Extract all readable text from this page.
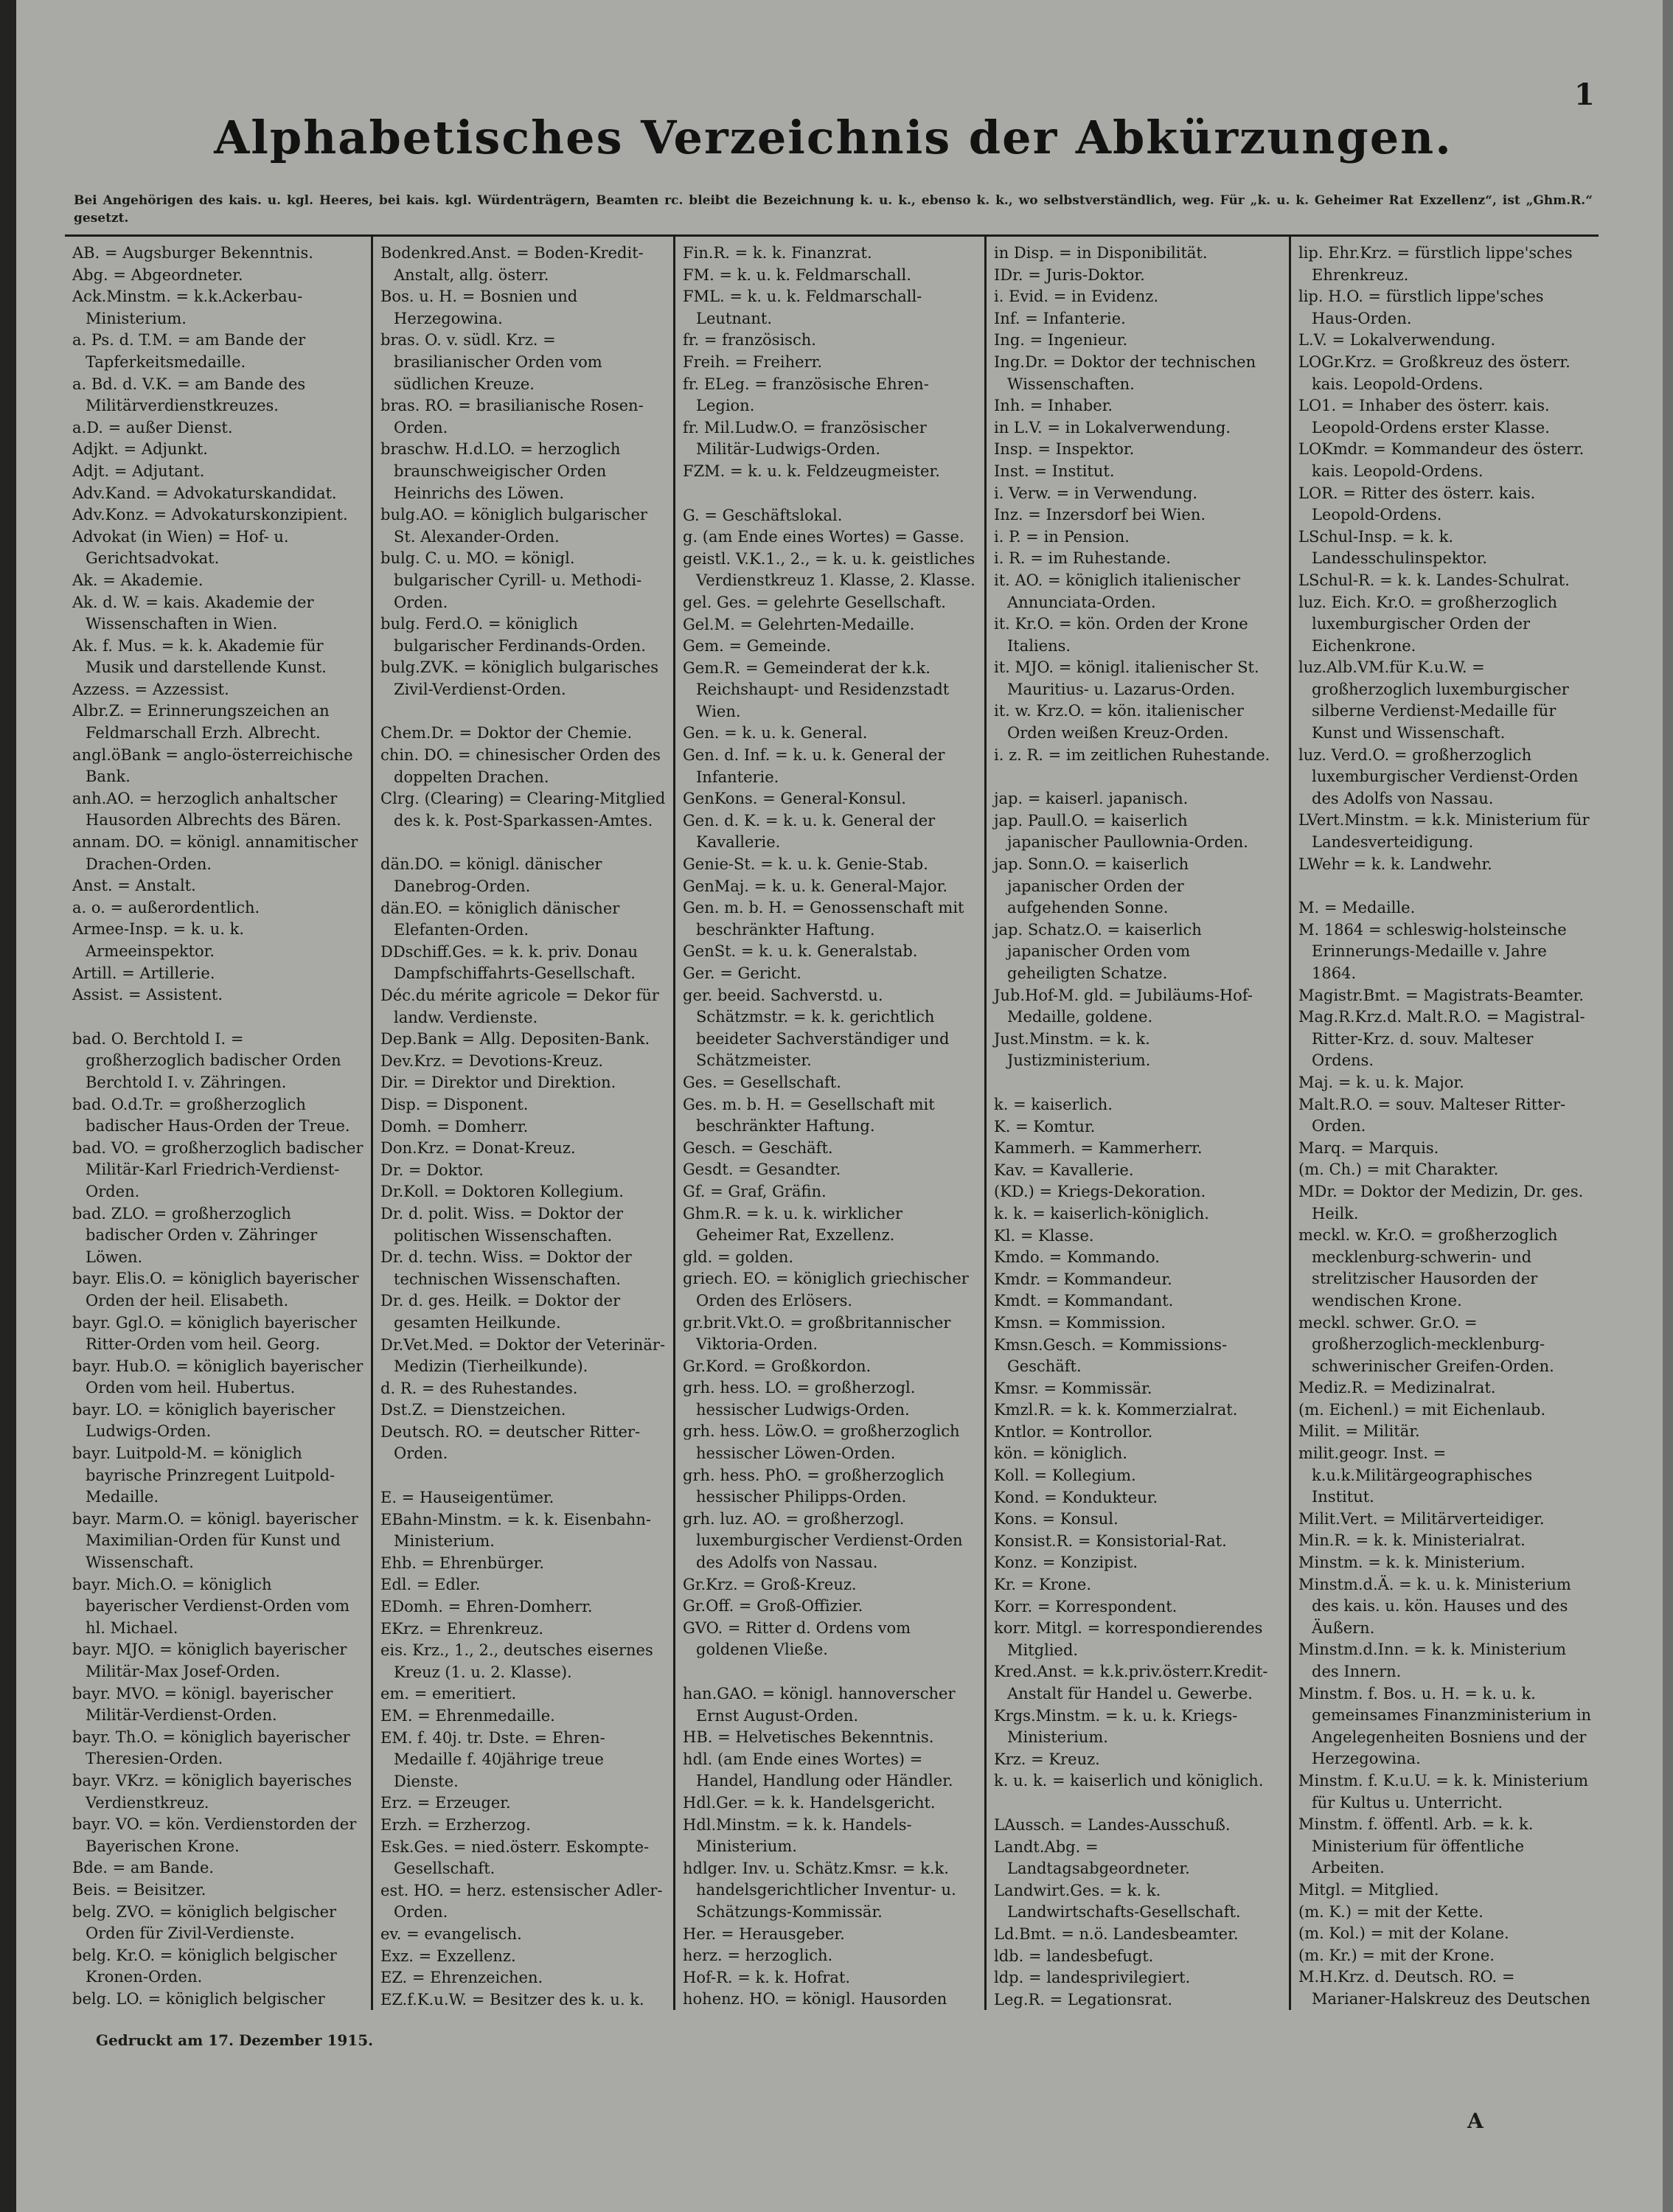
1
Alphabetisches Verzeichnis der Abkürzungen.
Bei Angehörigen des kais. u. kgl. Heeres, bei kais. kgl. Würdenträgern, Beamten rc. bleibt die Bezeichnung k. u. k., ebenso k. k., wo selbstverständlich, weg. Für „k. u. k. Geheimer Rat Exzellenz“, ist „Ghm.R.“ gesetzt.
AB. = Augsburger Bekenntnis.
Abg. = Abgeordneter.
Ack.Minstm. = k.k.Ackerbau-Ministerium.
a. Ps. d. T.M. = am Bande der Tapferkeitsmedaille.
a. Bd. d. V.K. = am Bande des Militärverdienstkreuzes.
a.D. = außer Dienst.
Adjkt. = Adjunkt.
Adjt. = Adjutant.
Adv.Kand. = Advokaturskandidat.
Adv.Konz. = Advokaturskonzipient.
Advokat (in Wien) = Hof- u. Gerichtsadvokat.
Ak. = Akademie.
Ak. d. W. = kais. Akademie der Wissenschaften in Wien.
Ak. f. Mus. = k. k. Akademie für Musik und darstellende Kunst.
Azzess. = Azzessist.
Albr.Z. = Erinnerungszeichen an Feldmarschall Erzh. Albrecht.
angl.öBank = anglo-österreichische Bank.
anh.AO. = herzoglich anhaltscher Hausorden Albrechts des Bären.
annam. DO. = königl. annamitischer Drachen-Orden.
Anst. = Anstalt.
a. o. = außerordentlich.
Armee-Insp. = k. u. k. Armeeinspektor.
Artill. = Artillerie.
Assist. = Assistent.
bad. O. Berchtold I. = großherzoglich badischer Orden Berchtold I. v. Zähringen.
bad. O.d.Tr. = großherzoglich badischer Haus-Orden der Treue.
bad. VO. = großherzoglich badischer Militär-Karl Friedrich-Verdienst-Orden.
bad. ZLO. = großherzoglich badischer Orden v. Zähringer Löwen.
bayr. Elis.O. = königlich bayerischer Orden der heil. Elisabeth.
bayr. Ggl.O. = königlich bayerischer Ritter-Orden vom heil. Georg.
bayr. Hub.O. = königlich bayerischer Orden vom heil. Hubertus.
bayr. LO. = königlich bayerischer Ludwigs-Orden.
bayr. Luitpold-M. = königlich bayrische Prinzregent Luitpold-Medaille.
bayr. Marm.O. = königl. bayerischer Maximilian-Orden für Kunst und Wissenschaft.
bayr. Mich.O. = königlich bayerischer Verdienst-Orden vom hl. Michael.
bayr. MJO. = königlich bayerischer Militär-Max Josef-Orden.
bayr. MVO. = königl. bayerischer Militär-Verdienst-Orden.
bayr. Th.O. = königlich bayerischer Theresien-Orden.
bayr. VKrz. = königlich bayerisches Verdienstkreuz.
bayr. VO. = kön. Verdienstorden der Bayerischen Krone.
Bde. = am Bande.
Beis. = Beisitzer.
belg. ZVO. = königlich belgischer Orden für Zivil-Verdienste.
belg. Kr.O. = königlich belgischer Kronen-Orden.
belg. LO. = königlich belgischer
Bodenkred.Anst. = Boden-Kredit-Anstalt, allg. österr.
Bos. u. H. = Bosnien und Herzegowina.
bras. O. v. südl. Krz. = brasilianischer Orden vom südlichen Kreuze.
bras. RO. = brasilianische Rosen-Orden.
braschw. H.d.LO. = herzoglich braunschweigischer Orden Heinrichs des Löwen.
bulg.AO. = königlich bulgarischer St. Alexander-Orden.
bulg. C. u. MO. = königl. bulgarischer Cyrill- u. Methodi-Orden.
bulg. Ferd.O. = königlich bulgarischer Ferdinands-Orden.
bulg.ZVK. = königlich bulgarisches Zivil-Verdienst-Orden.
Chem.Dr. = Doktor der Chemie.
chin. DO. = chinesischer Orden des doppelten Drachen.
Clrg. (Clearing) = Clearing-Mitglied des k. k. Post-Sparkassen-Amtes.
dän.DO. = königl. dänischer Danebrog-Orden.
dän.EO. = königlich dänischer Elefanten-Orden.
DDschiff.Ges. = k. k. priv. Donau Dampfschiffahrts-Gesellschaft.
Déc.du mérite agricole = Dekor für landw. Verdienste.
Dep.Bank = Allg. Depositen-Bank.
Dev.Krz. = Devotions-Kreuz.
Dir. = Direktor und Direktion.
Disp. = Disponent.
Domh. = Domherr.
Don.Krz. = Donat-Kreuz.
Dr. = Doktor.
Dr.Koll. = Doktoren Kollegium.
Dr. d. polit. Wiss. = Doktor der politischen Wissenschaften.
Dr. d. techn. Wiss. = Doktor der technischen Wissenschaften.
Dr. d. ges. Heilk. = Doktor der gesamten Heilkunde.
Dr.Vet.Med. = Doktor der Veterinär-Medizin (Tierheilkunde).
d. R. = des Ruhestandes.
Dst.Z. = Dienstzeichen.
Deutsch. RO. = deutscher Ritter-Orden.
E. = Hauseigentümer.
EBahn-Minstm. = k. k. Eisenbahn-Ministerium.
Ehb. = Ehrenbürger.
Edl. = Edler.
EDomh. = Ehren-Domherr.
EKrz. = Ehrenkreuz.
eis. Krz., 1., 2., deutsches eisernes Kreuz (1. u. 2. Klasse).
em. = emeritiert.
EM. = Ehrenmedaille.
EM. f. 40j. tr. Dste. = Ehren-Medaille f. 40jährige treue Dienste.
Erz. = Erzeuger.
Erzh. = Erzherzog.
Esk.Ges. = nied.österr. Eskompte-Gesellschaft.
est. HO. = herz. estensischer Adler-Orden.
ev. = evangelisch.
Exz. = Exzellenz.
EZ. = Ehrenzeichen.
EZ.f.K.u.W. = Besitzer des k. u. k.
Fin.R. = k. k. Finanzrat.
FM. = k. u. k. Feldmarschall.
FML. = k. u. k. Feldmarschall-Leutnant.
fr. = französisch.
Freih. = Freiherr.
fr. ELeg. = französische Ehren-Legion.
fr. Mil.Ludw.O. = französischer Militär-Ludwigs-Orden.
FZM. = k. u. k. Feldzeugmeister.
G. = Geschäftslokal.
g. (am Ende eines Wortes) = Gasse.
geistl. V.K.1., 2., = k. u. k. geistliches Verdienstkreuz 1. Klasse, 2. Klasse.
gel. Ges. = gelehrte Gesellschaft.
Gel.M. = Gelehrten-Medaille.
Gem. = Gemeinde.
Gem.R. = Gemeinderat der k.k. Reichshaupt- und Residenzstadt Wien.
Gen. = k. u. k. General.
Gen. d. Inf. = k. u. k. General der Infanterie.
GenKons. = General-Konsul.
Gen. d. K. = k. u. k. General der Kavallerie.
Genie-St. = k. u. k. Genie-Stab.
GenMaj. = k. u. k. General-Major.
Gen. m. b. H. = Genossenschaft mit beschränkter Haftung.
GenSt. = k. u. k. Generalstab.
Ger. = Gericht.
ger. beeid. Sachverstd. u. Schätzmstr. = k. k. gerichtlich beeideter Sachverständiger und Schätzmeister.
Ges. = Gesellschaft.
Ges. m. b. H. = Gesellschaft mit beschränkter Haftung.
Gesch. = Geschäft.
Gesdt. = Gesandter.
Gf. = Graf, Gräfin.
Ghm.R. = k. u. k. wirklicher Geheimer Rat, Exzellenz.
gld. = golden.
griech. EO. = königlich griechischer Orden des Erlösers.
gr.brit.Vkt.O. = großbritannischer Viktoria-Orden.
Gr.Kord. = Großkordon.
grh. hess. LO. = großherzogl. hessischer Ludwigs-Orden.
grh. hess. Löw.O. = großherzoglich hessischer Löwen-Orden.
grh. hess. PhO. = großherzoglich hessischer Philipps-Orden.
grh. luz. AO. = großherzogl. luxemburgischer Verdienst-Orden des Adolfs von Nassau.
Gr.Krz. = Groß-Kreuz.
Gr.Off. = Groß-Offizier.
GVO. = Ritter d. Ordens vom goldenen Vließe.
han.GAO. = königl. hannoverscher Ernst August-Orden.
HB. = Helvetisches Bekenntnis.
hdl. (am Ende eines Wortes) = Handel, Handlung oder Händler.
Hdl.Ger. = k. k. Handelsgericht.
Hdl.Minstm. = k. k. Handels-Ministerium.
hdlger. Inv. u. Schätz.Kmsr. = k.k. handelsgerichtlicher Inventur- u. Schätzungs-Kommissär.
Her. = Herausgeber.
herz. = herzoglich.
Hof-R. = k. k. Hofrat.
hohenz. HO. = königl. Hausorden
in Disp. = in Disponibilität.
IDr. = Juris-Doktor.
i. Evid. = in Evidenz.
Inf. = Infanterie.
Ing. = Ingenieur.
Ing.Dr. = Doktor der technischen Wissenschaften.
Inh. = Inhaber.
in L.V. = in Lokalverwendung.
Insp. = Inspektor.
Inst. = Institut.
i. Verw. = in Verwendung.
Inz. = Inzersdorf bei Wien.
i. P. = in Pension.
i. R. = im Ruhestande.
it. AO. = königlich italienischer Annunciata-Orden.
it. Kr.O. = kön. Orden der Krone Italiens.
it. MJO. = königl. italienischer St. Mauritius- u. Lazarus-Orden.
it. w. Krz.O. = kön. italienischer Orden weißen Kreuz-Orden.
i. z. R. = im zeitlichen Ruhestande.
jap. = kaiserl. japanisch.
jap. Paull.O. = kaiserlich japanischer Paullownia-Orden.
jap. Sonn.O. = kaiserlich japanischer Orden der aufgehenden Sonne.
jap. Schatz.O. = kaiserlich japanischer Orden vom geheiligten Schatze.
Jub.Hof-M. gld. = Jubiläums-Hof-Medaille, goldene.
Just.Minstm. = k. k. Justizministerium.
k. = kaiserlich.
K. = Komtur.
Kammerh. = Kammerherr.
Kav. = Kavallerie.
(KD.) = Kriegs-Dekoration.
k. k. = kaiserlich-königlich.
Kl. = Klasse.
Kmdo. = Kommando.
Kmdr. = Kommandeur.
Kmdt. = Kommandant.
Kmsn. = Kommission.
Kmsn.Gesch. = Kommissions-Geschäft.
Kmsr. = Kommissär.
Kmzl.R. = k. k. Kommerzialrat.
Kntlor. = Kontrollor.
kön. = königlich.
Koll. = Kollegium.
Kond. = Kondukteur.
Kons. = Konsul.
Konsist.R. = Konsistorial-Rat.
Konz. = Konzipist.
Kr. = Krone.
Korr. = Korrespondent.
korr. Mitgl. = korrespondierendes Mitglied.
Kred.Anst. = k.k.priv.österr.Kredit-Anstalt für Handel u. Gewerbe.
Krgs.Minstm. = k. u. k. Kriegs-Ministerium.
Krz. = Kreuz.
k. u. k. = kaiserlich und königlich.
LAussch. = Landes-Ausschuß.
Landt.Abg. = Landtagsabgeordneter.
Landwirt.Ges. = k. k. Landwirtschafts-Gesellschaft.
Ld.Bmt. = n.ö. Landesbeamter.
ldb. = landesbefugt.
ldp. = landesprivilegiert.
Leg.R. = Legationsrat.
lip. Ehr.Krz. = fürstlich lippe'sches Ehrenkreuz.
lip. H.O. = fürstlich lippe'sches Haus-Orden.
L.V. = Lokalverwendung.
LOGr.Krz. = Großkreuz des österr. kais. Leopold-Ordens.
LO1. = Inhaber des österr. kais. Leopold-Ordens erster Klasse.
LOKmdr. = Kommandeur des österr. kais. Leopold-Ordens.
LOR. = Ritter des österr. kais. Leopold-Ordens.
LSchul-Insp. = k. k. Landesschulinspektor.
LSchul-R. = k. k. Landes-Schulrat.
luz. Eich. Kr.O. = großherzoglich luxemburgischer Orden der Eichenkrone.
luz.Alb.VM.für K.u.W. = großherzoglich luxemburgischer silberne Verdienst-Medaille für Kunst und Wissenschaft.
luz. Verd.O. = großherzoglich luxemburgischer Verdienst-Orden des Adolfs von Nassau.
LVert.Minstm. = k.k. Ministerium für Landesverteidigung.
LWehr = k. k. Landwehr.
M. = Medaille.
M. 1864 = schleswig-holsteinsche Erinnerungs-Medaille v. Jahre 1864.
Magistr.Bmt. = Magistrats-Beamter.
Mag.R.Krz.d. Malt.R.O. = Magistral-Ritter-Krz. d. souv. Malteser Ordens.
Maj. = k. u. k. Major.
Malt.R.O. = souv. Malteser Ritter-Orden.
Marq. = Marquis.
(m. Ch.) = mit Charakter.
MDr. = Doktor der Medizin, Dr. ges. Heilk.
meckl. w. Kr.O. = großherzoglich mecklenburg-schwerin- und strelitzischer Hausorden der wendischen Krone.
meckl. schwer. Gr.O. = großherzoglich-mecklenburg-schwerinischer Greifen-Orden.
Mediz.R. = Medizinalrat.
(m. Eichenl.) = mit Eichenlaub.
Milit. = Militär.
milit.geogr. Inst. = k.u.k.Militärgeographisches Institut.
Milit.Vert. = Militärverteidiger.
Min.R. = k. k. Ministerialrat.
Minstm. = k. k. Ministerium.
Minstm.d.Ä. = k. u. k. Ministerium des kais. u. kön. Hauses und des Äußern.
Minstm.d.Inn. = k. k. Ministerium des Innern.
Minstm. f. Bos. u. H. = k. u. k. gemeinsames Finanzministerium in Angelegenheiten Bosniens und der Herzegowina.
Minstm. f. K.u.U. = k. k. Ministerium für Kultus u. Unterricht.
Minstm. f. öffentl. Arb. = k. k. Ministerium für öffentliche Arbeiten.
Mitgl. = Mitglied.
(m. K.) = mit der Kette.
(m. Kol.) = mit der Kolane.
(m. Kr.) = mit der Krone.
M.H.Krz. d. Deutsch. RO. = Marianer-Halskreuz des Deutschen
Gedruckt am 17. Dezember 1915.
A
